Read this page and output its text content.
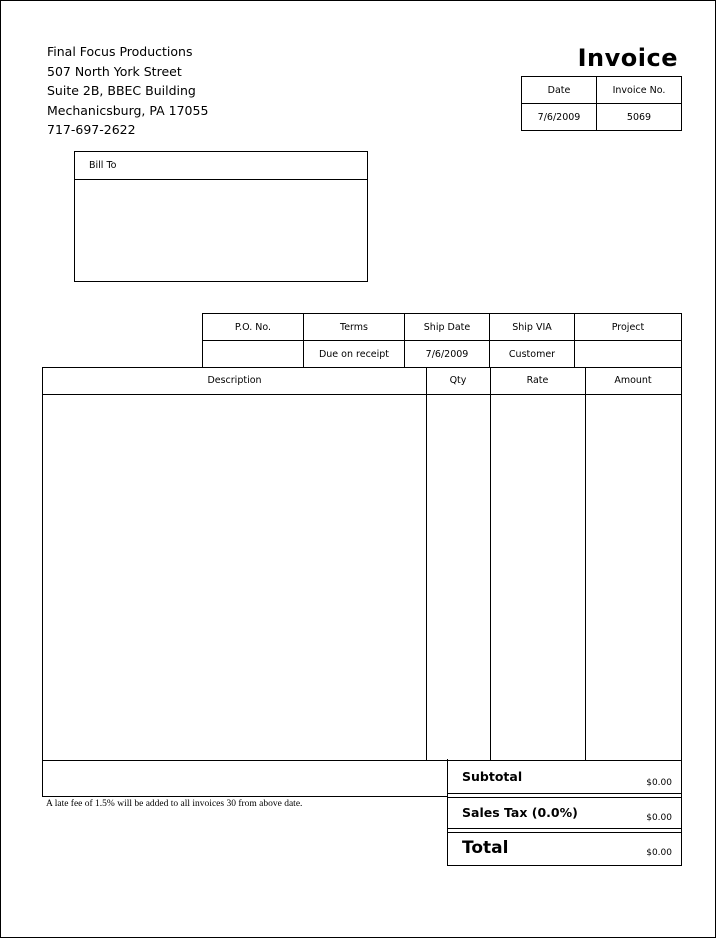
Final Focus Productions
507 North York Street
Suite 2B, BBEC Building
Mechanicsburg, PA 17055
717-697-2622
Invoice
Date	Invoice No.
7/6/2009	5069
Bill To
P.O. No.	Terms	Ship Date	Ship VIA	Project
	Due on receipt	7/6/2009	Customer	
Description	Qty	Rate	Amount
A late fee of 1.5% will be added to all invoices 30 from above date.
Subtotal	$0.00
Sales Tax (0.0%)	$0.00
Total	$0.00
